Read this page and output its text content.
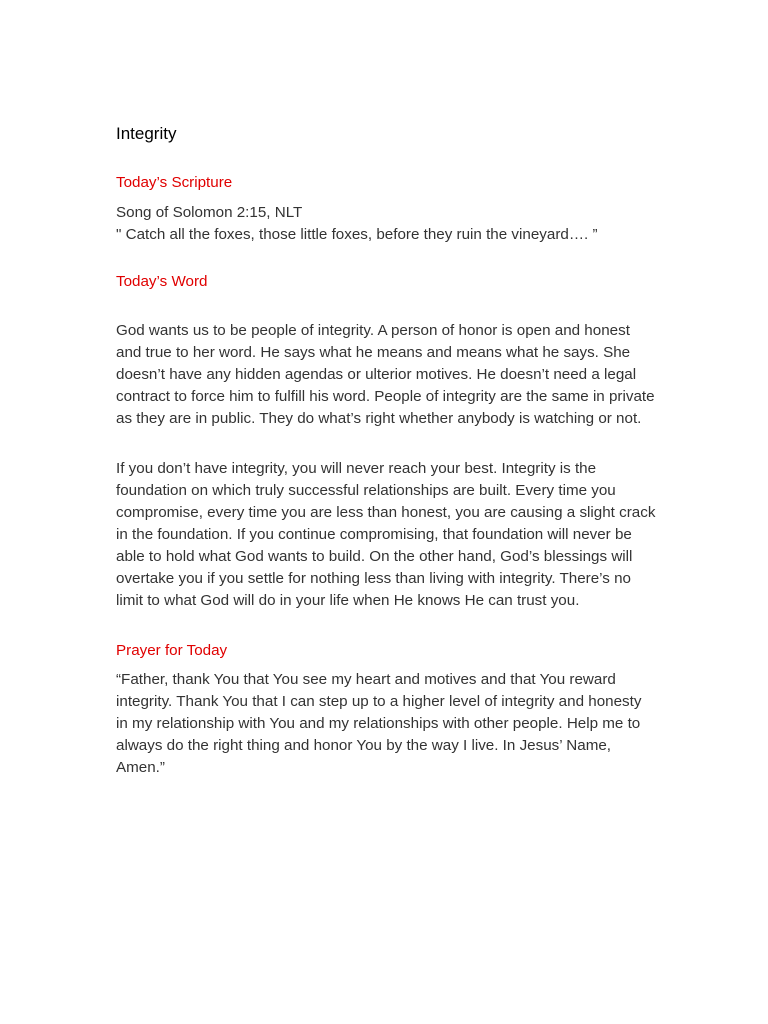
Integrity
Today’s Scripture

Song of Solomon 2:15, NLT

" Catch all the foxes, those little foxes, before they ruin the vineyard…. ”

Today’s Word

God wants us to be people of integrity. A person of honor is open and honest and true to her word. He says what he means and means what he says. She doesn’t have any hidden agendas or ulterior motives. He doesn’t need a legal contract to force him to fulfill his word. People of integrity are the same in private as they are in public. They do what’s right whether anybody is watching or not.

If you don’t have integrity, you will never reach your best. Integrity is the foundation on which truly successful relationships are built. Every time you compromise, every time you are less than honest, you are causing a slight crack in the foundation. If you continue compromising, that foundation will never be able to hold what God wants to build. On the other hand, God’s blessings will overtake you if you settle for nothing less than living with integrity. There’s no limit to what God will do in your life when He knows He can trust you.

Prayer for Today

“Father, thank You that You see my heart and motives and that You reward integrity. Thank You that I can step up to a higher level of integrity and honesty in my relationship with You and my relationships with other people. Help me to always do the right thing and honor You by the way I live. In Jesus’ Name, Amen.”
